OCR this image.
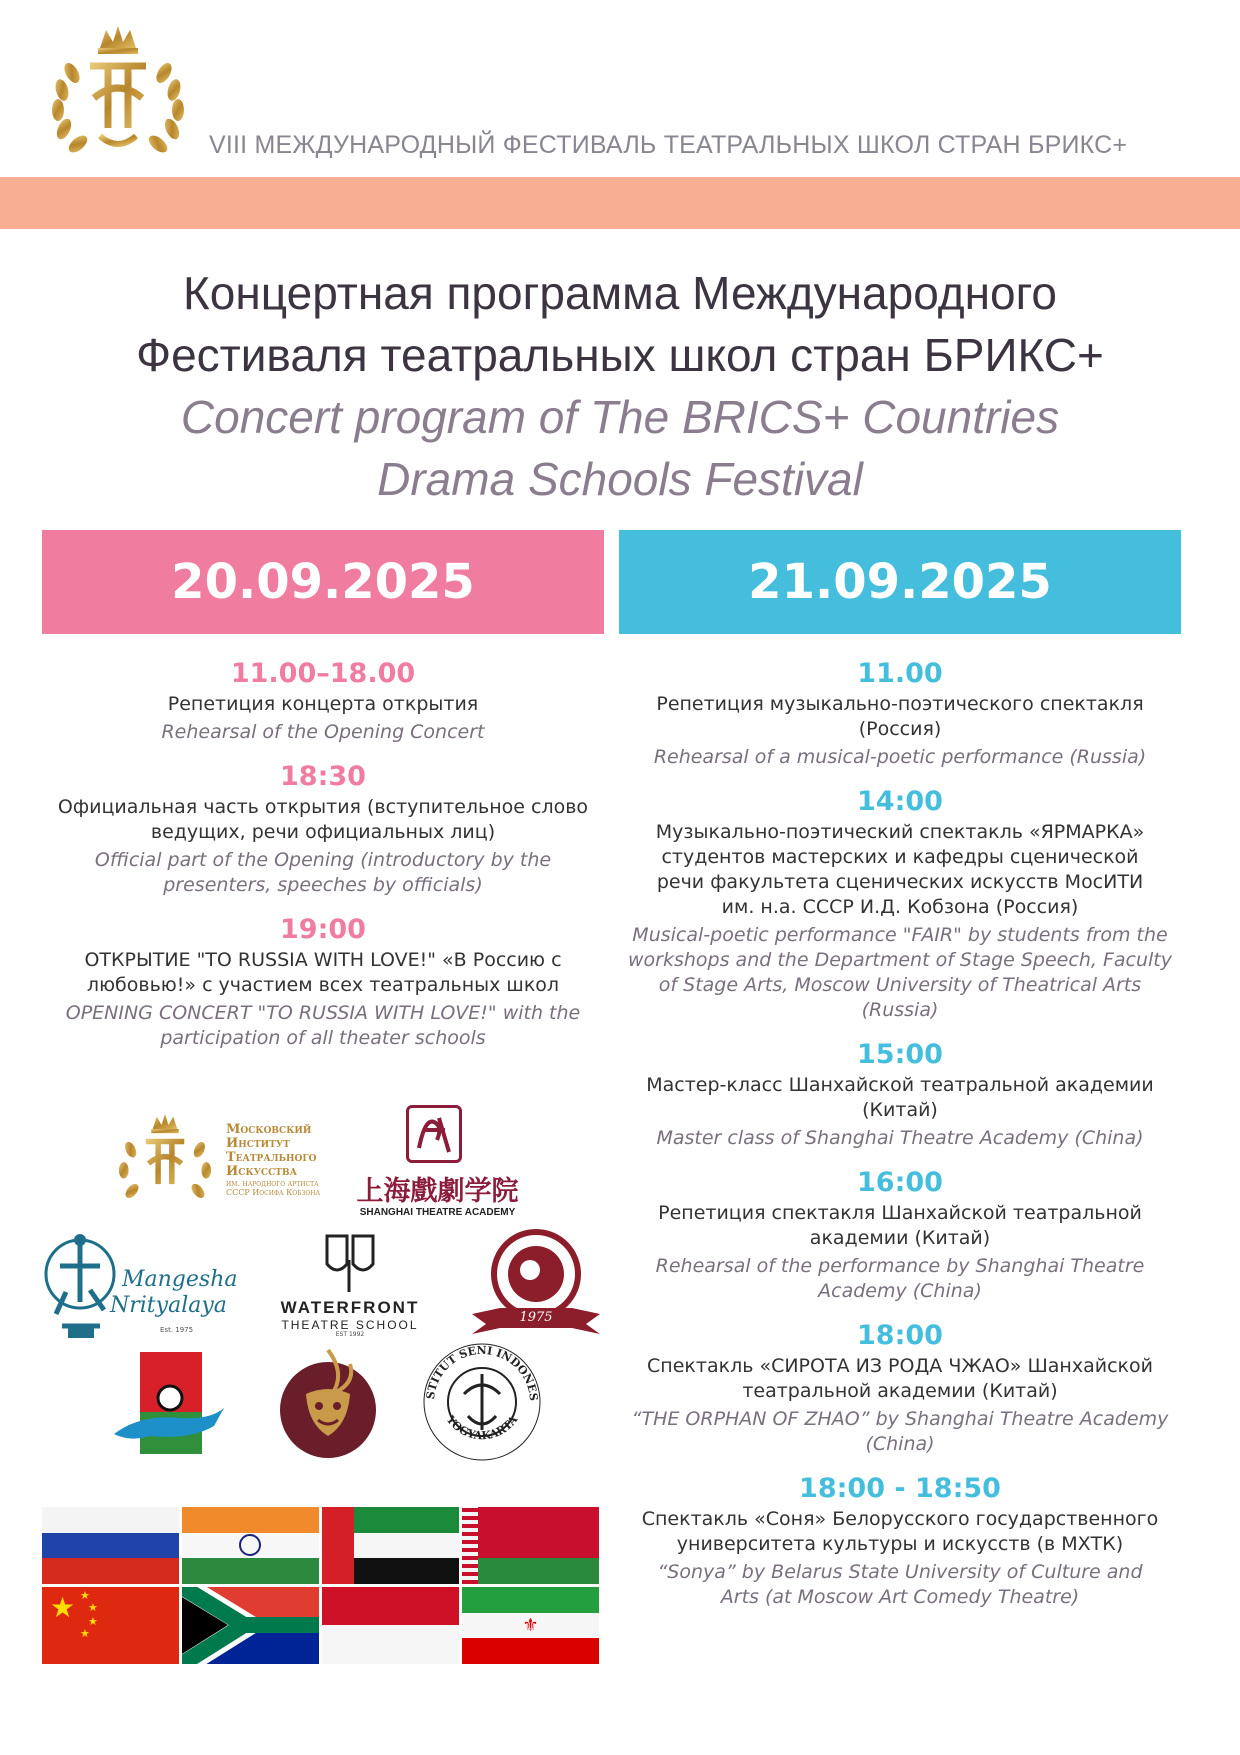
VIII МЕЖДУНАРОДНЫЙ ФЕСТИВАЛЬ ТЕАТРАЛЬНЫХ ШКОЛ СТРАН БРИКС+
Концертная программа Международного
Фестиваля театральных школ стран БРИКС+
Concert program of The BRICS+ Countries
Drama Schools Festival
20.09.2025	21.09.2025
11.00–18.00
Репетиция концерта открытия
Rehearsal of the Opening Concert
18:30
Официальная часть открытия (вступительное слово ведущих, речи официальных лиц)
Official part of the Opening (introductory by the presenters, speeches by officials)
19:00
ОТКРЫТИЕ "TO RUSSIA WITH LOVE!" «В Россию с любовью!» с участием всех театральных школ
OPENING CONCERT "TO RUSSIA WITH LOVE!" with the participation of all theater schools
11.00
Репетиция музыкально-поэтического спектакля (Россия)
Rehearsal of a musical-poetic performance (Russia)
14:00
Музыкально-поэтический спектакль «ЯРМАРКА» студентов мастерских и кафедры сценической речи факультета сценических искусств МосИТИ им. н.а. СССР И.Д. Кобзона (Россия)
Musical-poetic performance "FAIR" by students from the workshops and the Department of Stage Speech, Faculty of Stage Arts, Moscow University of Theatrical Arts (Russia)
15:00
Мастер-класс Шанхайской театральной академии (Китай)
Master class of Shanghai Theatre Academy (China)
16:00
Репетиция спектакля Шанхайской театральной академии (Китай)
Rehearsal of the performance by Shanghai Theatre Academy (China)
18:00
Спектакль «СИРОТА ИЗ РОДА ЧЖАО» Шанхайской театральной академии (Китай)
“THE ORPHAN OF ZHAO” by Shanghai Theatre Academy (China)
18:00 - 18:50
Спектакль «Соня» Белорусского государственного университета культуры и искусств (в МХТК)
“Sonya” by Belarus State University of Culture and Arts (at Moscow Art Comedy Theatre)
Московский
Институт
Театрального
Искусства
им. народного артиста
СССР Иосифа Кобзона 上海戲劇学院
SHANGHAI THEATRE ACADEMY
Mangesha
Nrityalaya
Est. 1975
WATERFRONT
THEATRE SCHOOL
EST 1992
1975
STITUT SENI INDONES
YOGYAKARTA
★ ★
★
★
★	⚜
